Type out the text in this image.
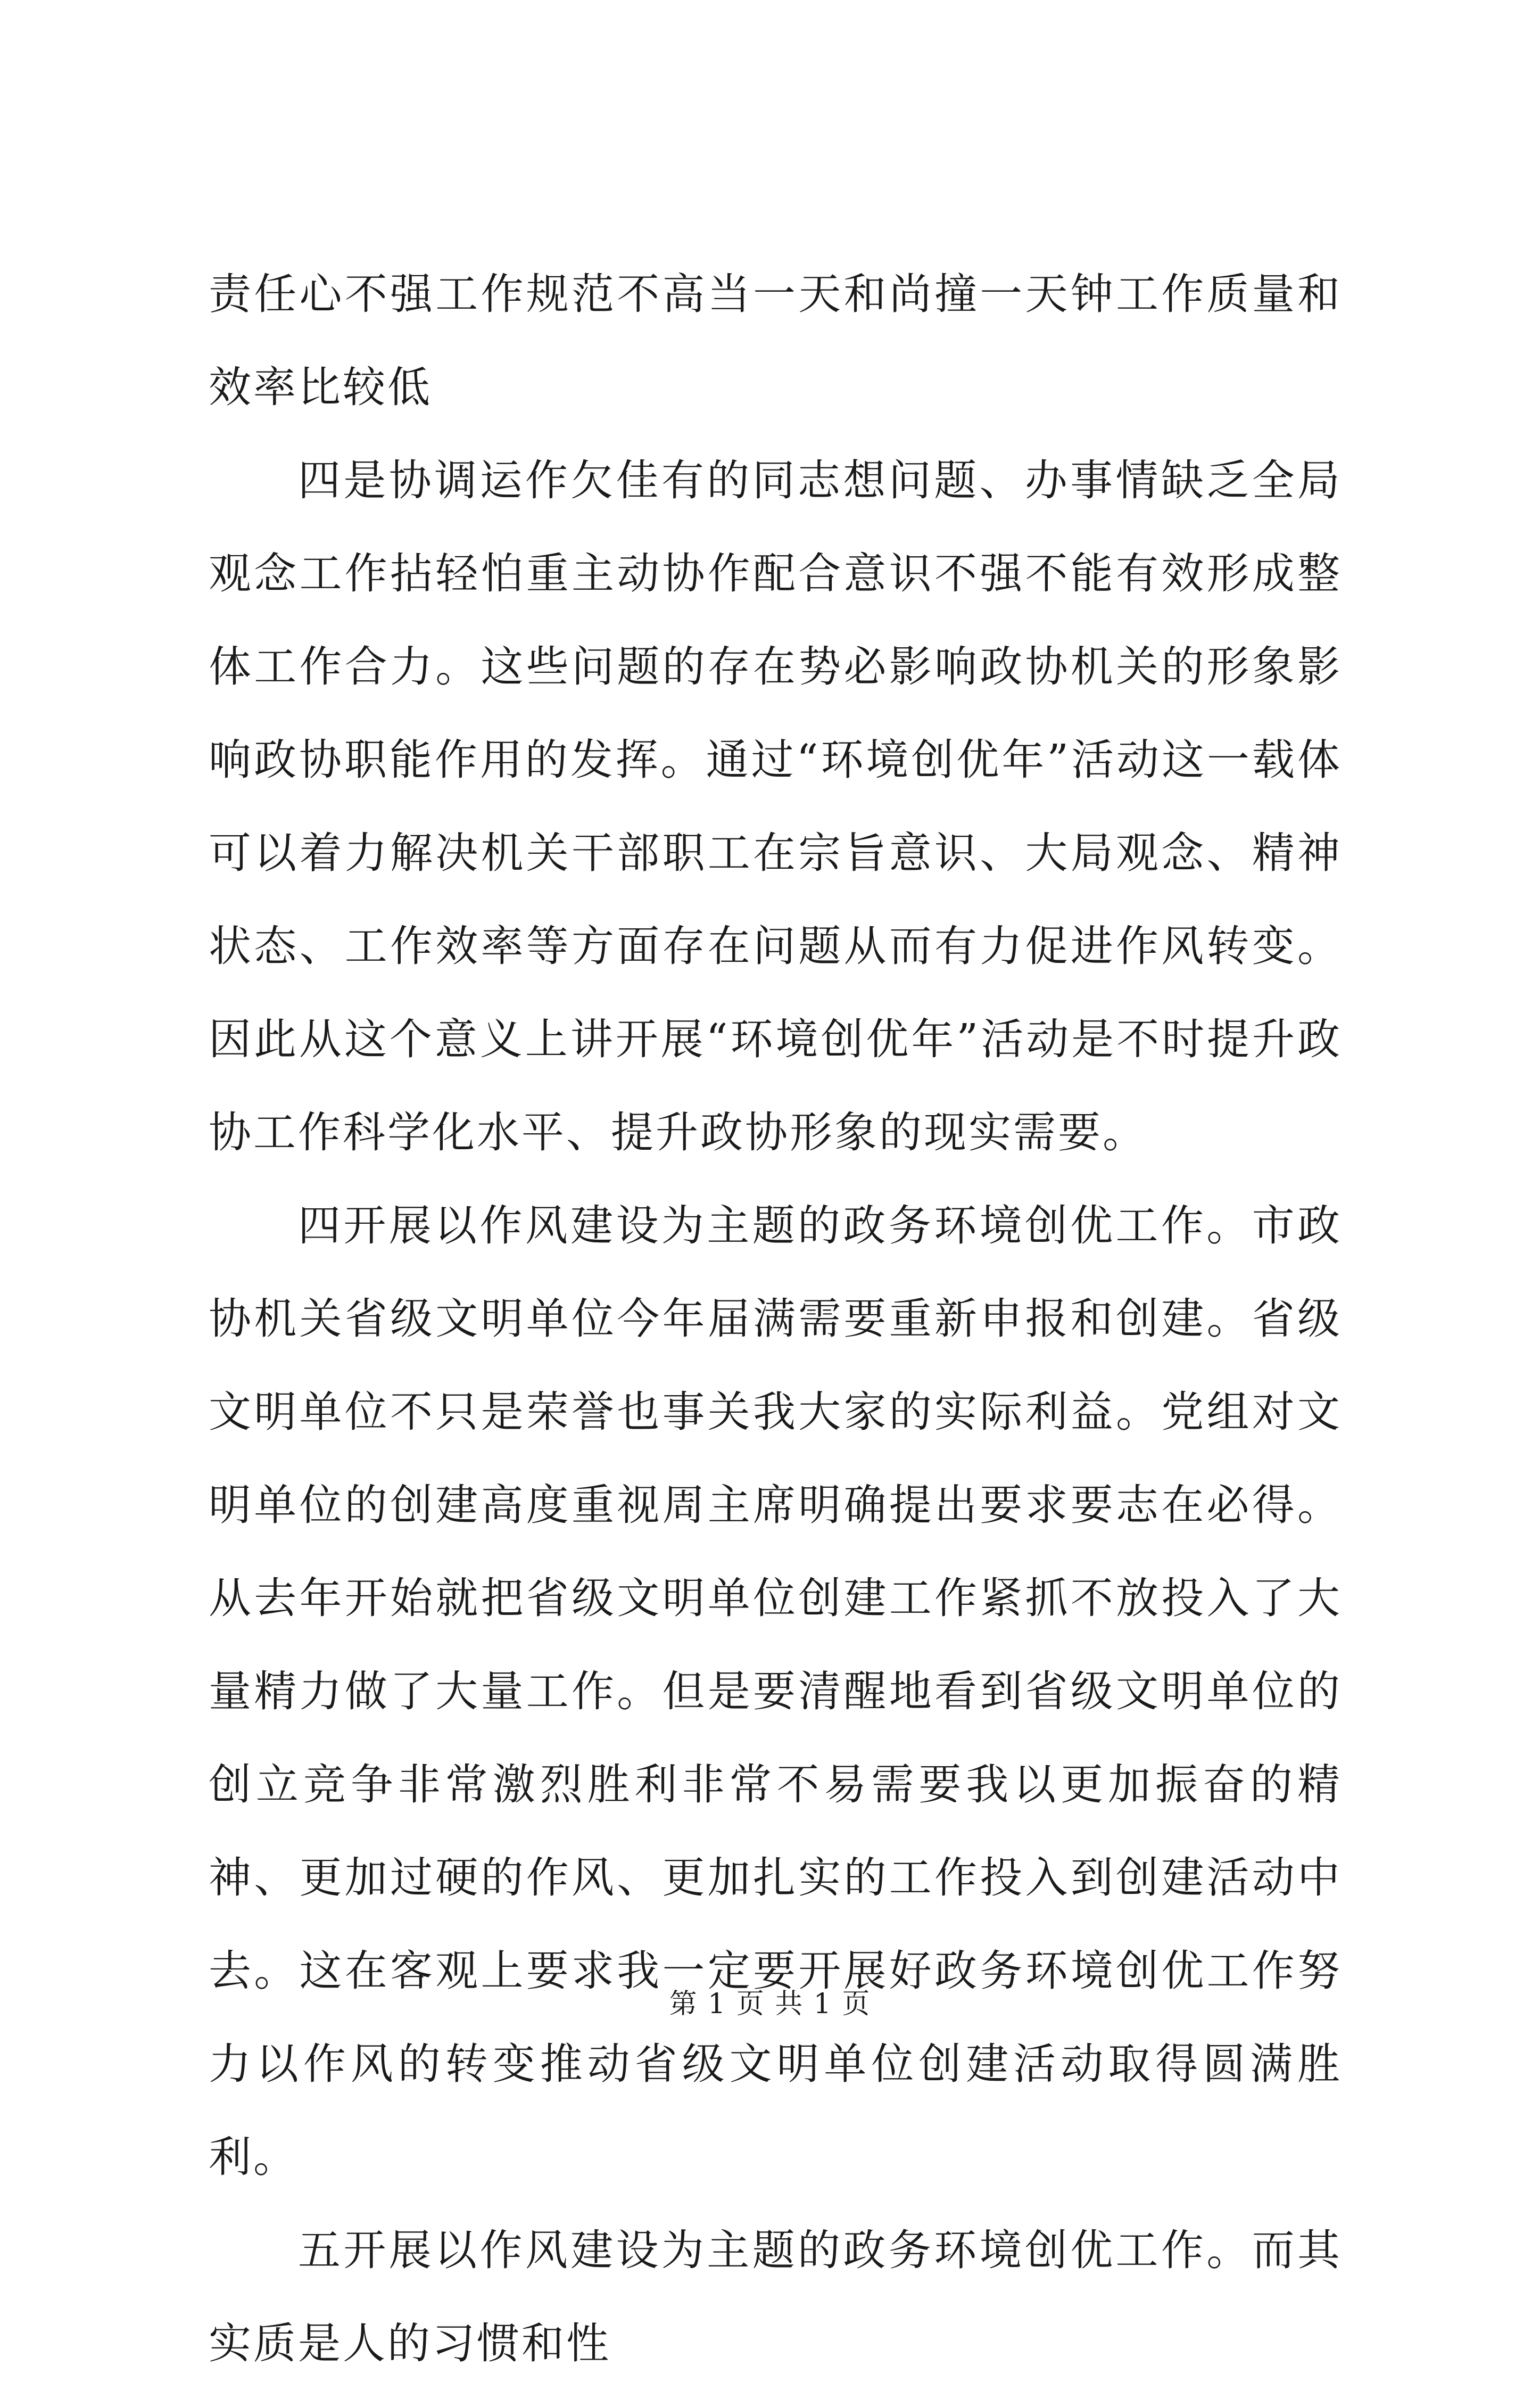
责任心不强工作规范不高当一天和尚撞一天钟工作质量和效率比较低

四是协调运作欠佳有的同志想问题、办事情缺乏全局观念工作拈轻怕重主动协作配合意识不强不能有效形成整体工作合力。这些问题的存在势必影响政协机关的形象影响政协职能作用的发挥。通过“环境创优年”活动这一载体可以着力解决机关干部职工在宗旨意识、大局观念、精神状态、工作效率等方面存在问题从而有力促进作风转变。因此从这个意义上讲开展“环境创优年”活动是不时提升政协工作科学化水平、提升政协形象的现实需要。

四开展以作风建设为主题的政务环境创优工作。市政协机关省级文明单位今年届满需要重新申报和创建。省级文明单位不只是荣誉也事关我大家的实际利益。党组对文明单位的创建高度重视周主席明确提出要求要志在必得。从去年开始就把省级文明单位创建工作紧抓不放投入了大量精力做了大量工作。但是要清醒地看到省级文明单位的创立竞争非常激烈胜利非常不易需要我以更加振奋的精神、更加过硬的作风、更加扎实的工作投入到创建活动中去。这在客观上要求我一定要开展好政务环境创优工作努力以作风的转变推动省级文明单位创建活动取得圆满胜利。

五开展以作风建设为主题的政务环境创优工作。而其实质是人的习惯和性

第 1 页 共 1 页
